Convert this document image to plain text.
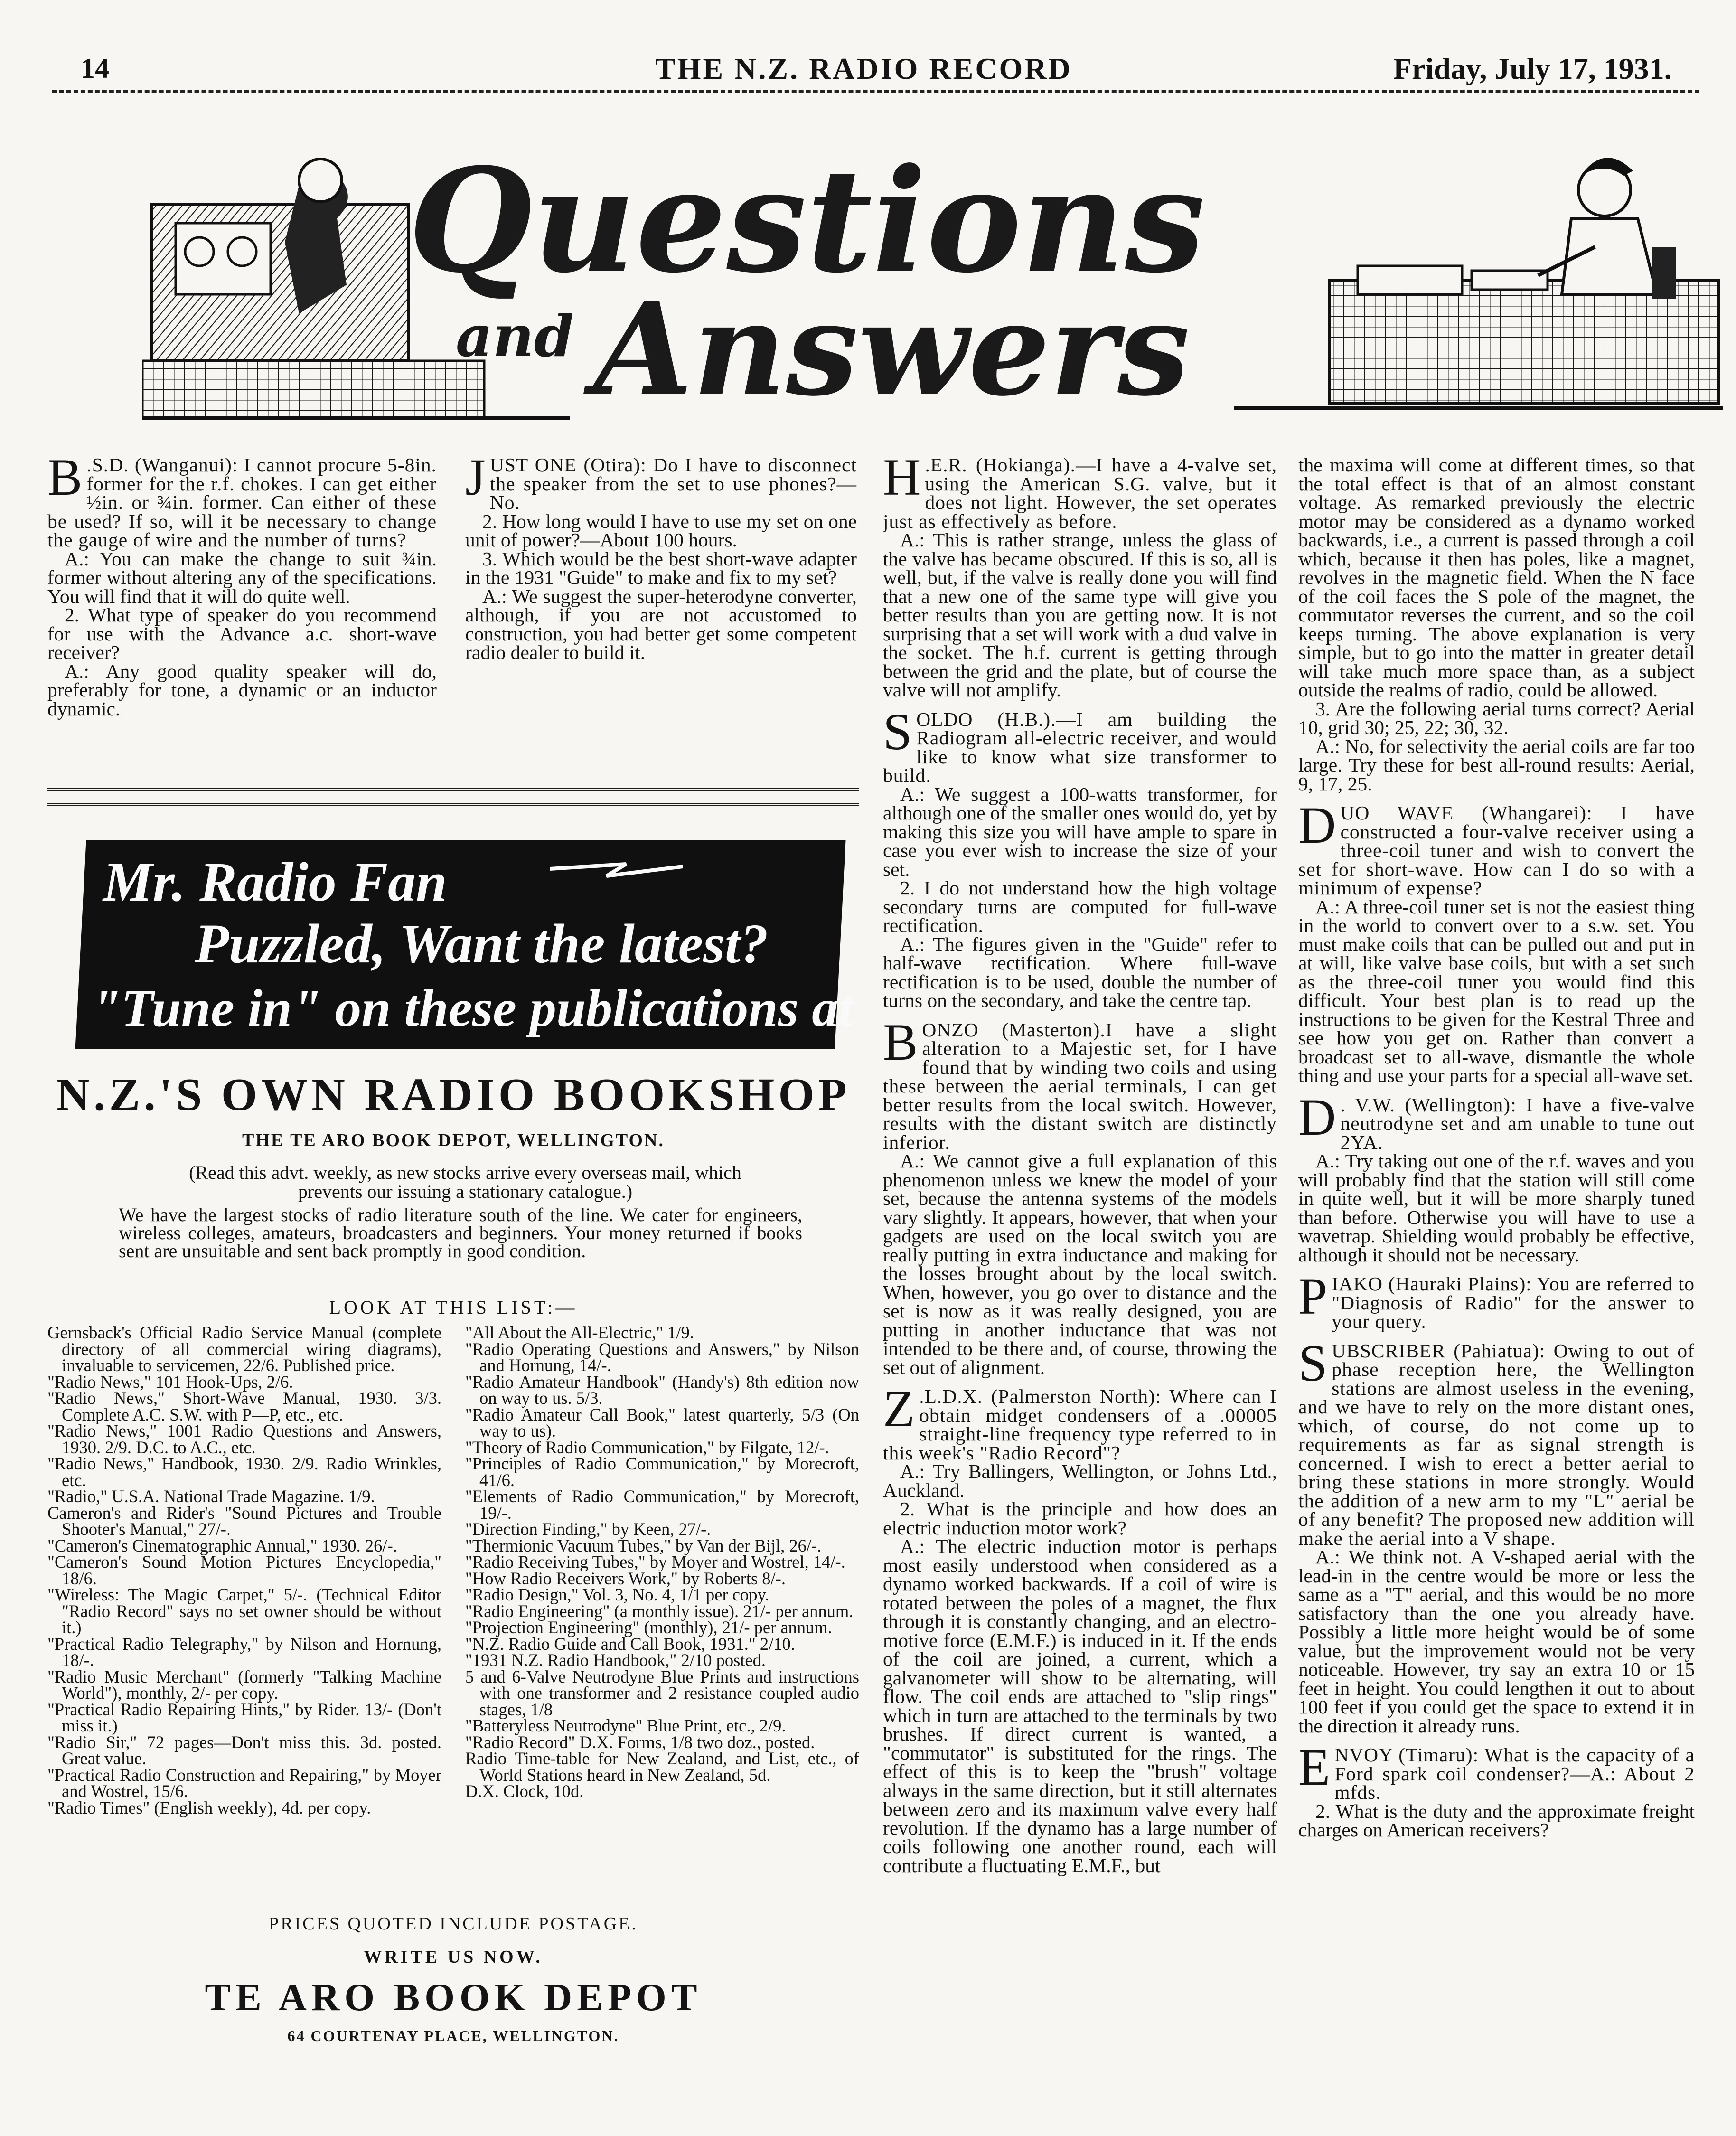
14	THE N.Z. RADIO RECORD	Friday, July 17, 1931.
Questions
and Answers

B .S.D. (Wanganui): I cannot procure 5-8in. former for the r.f. chokes. I can get either ½in. or ¾in. former. Can either of these be used? If so, will it be necessary to change the gauge of wire and the number of turns?

A.: You can make the change to suit ¾in. former without altering any of the specifications. You will find that it will do quite well.

2. What type of speaker do you recommend for use with the Advance a.c. short-wave receiver?

A.: Any good quality speaker will do, preferably for tone, a dynamic or an inductor dynamic.

JUST ONE (Otira): Do I have to disconnect the speaker from the set to use phones?—No.

2. How long would I have to use my set on one unit of power?—About 100 hours.

3. Which would be the best short-wave adapter in the 1931 "Guide" to make and fix to my set?

A.: We suggest the super-heterodyne converter, although, if you are not accustomed to construction, you had better get some competent radio dealer to build it.

Mr. Radio Fan
Puzzled, Want the latest?
"Tune in" on these publications at
N.Z.'S OWN RADIO BOOKSHOP
THE TE ARO BOOK DEPOT, WELLINGTON.
(Read this advt. weekly, as new stocks arrive every overseas mail, which prevents our issuing a stationary catalogue.)
We have the largest stocks of radio literature south of the line. We cater for engineers, wireless colleges, amateurs, broadcasters and beginners. Your money returned if books sent are unsuitable and sent back promptly in good condition.
LOOK AT THIS LIST:—
Gernsback's Official Radio Service Manual (complete directory of all commercial wiring diagrams), invaluable to servicemen, 22/6. Published price.
"Radio News," 101 Hook-Ups, 2/6.
"Radio News," Short-Wave Manual, 1930. 3/3. Complete A.C. S.W. with P—P, etc., etc.
"Radio News," 1001 Radio Questions and Answers, 1930. 2/9. D.C. to A.C., etc.
"Radio News," Handbook, 1930. 2/9. Radio Wrinkles, etc.
"Radio," U.S.A. National Trade Magazine. 1/9.
Cameron's and Rider's "Sound Pictures and Trouble Shooter's Manual," 27/-.
"Cameron's Cinematographic Annual," 1930. 26/-.
"Cameron's Sound Motion Pictures Encyclopedia," 18/6.
"Wireless: The Magic Carpet," 5/-. (Technical Editor "Radio Record" says no set owner should be without it.)
"Practical Radio Telegraphy," by Nilson and Hornung, 18/-.
"Radio Music Merchant" (formerly "Talking Machine World"), monthly, 2/- per copy.
"Practical Radio Repairing Hints," by Rider. 13/- (Don't miss it.)
"Radio Sir," 72 pages—Don't miss this. 3d. posted. Great value.
"Practical Radio Construction and Repairing," by Moyer and Wostrel, 15/6.
"Radio Times" (English weekly), 4d. per copy.
"All About the All-Electric," 1/9.
"Radio Operating Questions and Answers," by Nilson and Hornung, 14/-.
"Radio Amateur Handbook" (Handy's) 8th edition now on way to us. 5/3.
"Radio Amateur Call Book," latest quarterly, 5/3 (On way to us).
"Theory of Radio Communication," by Filgate, 12/-.
"Principles of Radio Communication," by Morecroft, 41/6.
"Elements of Radio Communication," by Morecroft, 19/-.
"Direction Finding," by Keen, 27/-.
"Thermionic Vacuum Tubes," by Van der Bijl, 26/-.
"Radio Receiving Tubes," by Moyer and Wostrel, 14/-.
"How Radio Receivers Work," by Roberts 8/-.
"Radio Design," Vol. 3, No. 4, 1/1 per copy.
"Radio Engineering" (a monthly issue). 21/- per annum.
"Projection Engineering" (monthly), 21/- per annum.
"N.Z. Radio Guide and Call Book, 1931." 2/10.
"1931 N.Z. Radio Handbook," 2/10 posted.
5 and 6-Valve Neutrodyne Blue Prints and instructions with one transformer and 2 resistance coupled audio stages, 1/8
"Batteryless Neutrodyne" Blue Print, etc., 2/9.
"Radio Record" D.X. Forms, 1/8 two doz., posted.
Radio Time-table for New Zealand, and List, etc., of World Stations heard in New Zealand, 5d.
D.X. Clock, 10d.
PRICES QUOTED INCLUDE POSTAGE.
WRITE US NOW.
TE ARO BOOK DEPOT
64 COURTENAY PLACE, WELLINGTON.

H .E.R. (Hokianga).—I have a 4-valve set, using the American S.G. valve, but it does not light. However, the set operates just as effectively as before.

A.: This is rather strange, unless the glass of the valve has became obscured. If this is so, all is well, but, if the valve is really done you will find that a new one of the same type will give you better results than you are getting now. It is not surprising that a set will work with a dud valve in the socket. The h.f. current is getting through between the grid and the plate, but of course the valve will not amplify.

SOLDO (H.B.).—I am building the Radiogram all-electric receiver, and would like to know what size transformer to build.

A.: We suggest a 100-watts transformer, for although one of the smaller ones would do, yet by making this size you will have ample to spare in case you ever wish to increase the size of your set.

2. I do not understand how the high voltage secondary turns are computed for full-wave rectification.

A.: The figures given in the "Guide" refer to half-wave rectification. Where full-wave rectification is to be used, double the number of turns on the secondary, and take the centre tap.

BONZO (Masterton).I have a slight alteration to a Majestic set, for I have found that by winding two coils and using these between the aerial terminals, I can get better results from the local switch. However, results with the distant switch are distinctly inferior.

A.: We cannot give a full explanation of this phenomenon unless we knew the model of your set, because the antenna systems of the models vary slightly. It appears, however, that when your gadgets are used on the local switch you are really putting in extra inductance and making for the losses brought about by the local switch. When, however, you go over to distance and the set is now as it was really designed, you are putting in another inductance that was not intended to be there and, of course, throwing the set out of alignment.

Z .L.D.X. (Palmerston North): Where can I obtain midget condensers of a .00005 straight-line frequency type referred to in this week's "Radio Record"?

A.: Try Ballingers, Wellington, or Johns Ltd., Auckland.

2. What is the principle and how does an electric induction motor work?

A.: The electric induction motor is perhaps most easily understood when considered as a dynamo worked backwards. If a coil of wire is rotated between the poles of a magnet, the flux through it is constantly changing, and an electro-motive force (E.M.F.) is induced in it. If the ends of the coil are joined, a current, which a galvanometer will show to be alternating, will flow. The coil ends are attached to "slip rings" which in turn are attached to the terminals by two brushes. If direct current is wanted, a "commutator" is substituted for the rings. The effect of this is to keep the "brush" voltage always in the same direction, but it still alternates between zero and its maximum valve every half revolution. If the dynamo has a large number of coils following one another round, each will contribute a fluctuating E.M.F., but

the maxima will come at different times, so that the total effect is that of an almost constant voltage. As remarked previously the electric motor may be considered as a dynamo worked backwards, i.e., a current is passed through a coil which, because it then has poles, like a magnet, revolves in the magnetic field. When the N face of the coil faces the S pole of the magnet, the commutator reverses the current, and so the coil keeps turning. The above explanation is very simple, but to go into the matter in greater detail will take much more space than, as a subject outside the realms of radio, could be allowed.

3. Are the following aerial turns correct? Aerial 10, grid 30; 25, 22; 30, 32.

A.: No, for selectivity the aerial coils are far too large. Try these for best all-round results: Aerial, 9, 17, 25.

DUO WAVE (Whangarei): I have constructed a four-valve receiver using a three-coil tuner and wish to convert the set for short-wave. How can I do so with a minimum of expense?

A.: A three-coil tuner set is not the easiest thing in the world to convert over to a s.w. set. You must make coils that can be pulled out and put in at will, like valve base coils, but with a set such as the three-coil tuner you would find this difficult. Your best plan is to read up the instructions to be given for the Kestral Three and see how you get on. Rather than convert a broadcast set to all-wave, dismantle the whole thing and use your parts for a special all-wave set.

D . V.W. (Wellington): I have a five-valve neutrodyne set and am unable to tune out 2YA.

A.: Try taking out one of the r.f. waves and you will probably find that the station will still come in quite well, but it will be more sharply tuned than before. Otherwise you will have to use a wavetrap. Shielding would probably be effective, although it should not be necessary.

PIAKO (Hauraki Plains): You are referred to "Diagnosis of Radio" for the answer to your query.

SUBSCRIBER (Pahiatua): Owing to out of phase reception here, the Wellington stations are almost useless in the evening, and we have to rely on the more distant ones, which, of course, do not come up to requirements as far as signal strength is concerned. I wish to erect a better aerial to bring these stations in more strongly. Would the addition of a new arm to my "L" aerial be of any benefit? The proposed new addition will make the aerial into a V shape.

A.: We think not. A V-shaped aerial with the lead-in in the centre would be more or less the same as a "T" aerial, and this would be no more satisfactory than the one you already have. Possibly a little more height would be of some value, but the improvement would not be very noticeable. However, try say an extra 10 or 15 feet in height. You could lengthen it out to about 100 feet if you could get the space to extend it in the direction it already runs.

ENVOY (Timaru): What is the capacity of a Ford spark coil condenser?—A.: About 2 mfds.

2. What is the duty and the approximate freight charges on American receivers?
